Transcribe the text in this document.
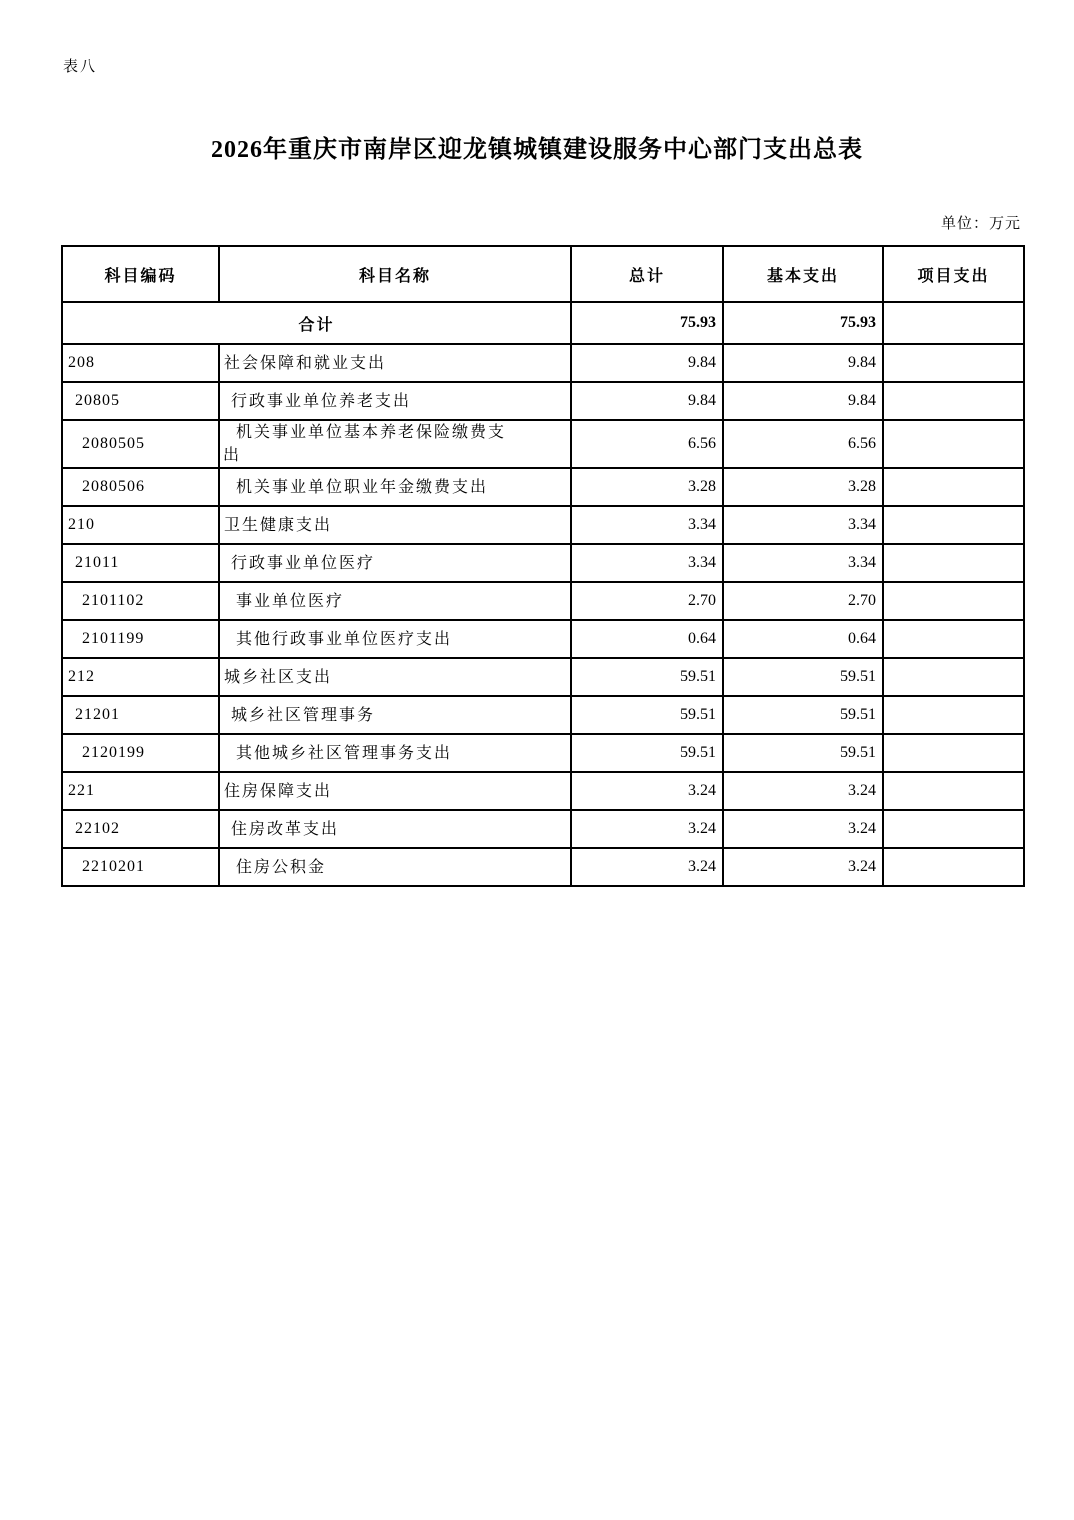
表八
2026年重庆市南岸区迎龙镇城镇建设服务中心部门支出总表
单位：万元
科目编码	科目名称	总计	基本支出	项目支出
合计		75.93	75.93	
208	社会保障和就业支出	9.84	9.84	
20805	行政事业单位养老支出	9.84	9.84	
2080505	机关事业单位基本养老保险缴费支出	6.56	6.56	
2080506	机关事业单位职业年金缴费支出	3.28	3.28	
210	卫生健康支出	3.34	3.34	
21011	行政事业单位医疗	3.34	3.34	
2101102	事业单位医疗	2.70	2.70	
2101199	其他行政事业单位医疗支出	0.64	0.64	
212	城乡社区支出	59.51	59.51	
21201	城乡社区管理事务	59.51	59.51	
2120199	其他城乡社区管理事务支出	59.51	59.51	
221	住房保障支出	3.24	3.24	
22102	住房改革支出	3.24	3.24	
2210201	住房公积金	3.24	3.24	
